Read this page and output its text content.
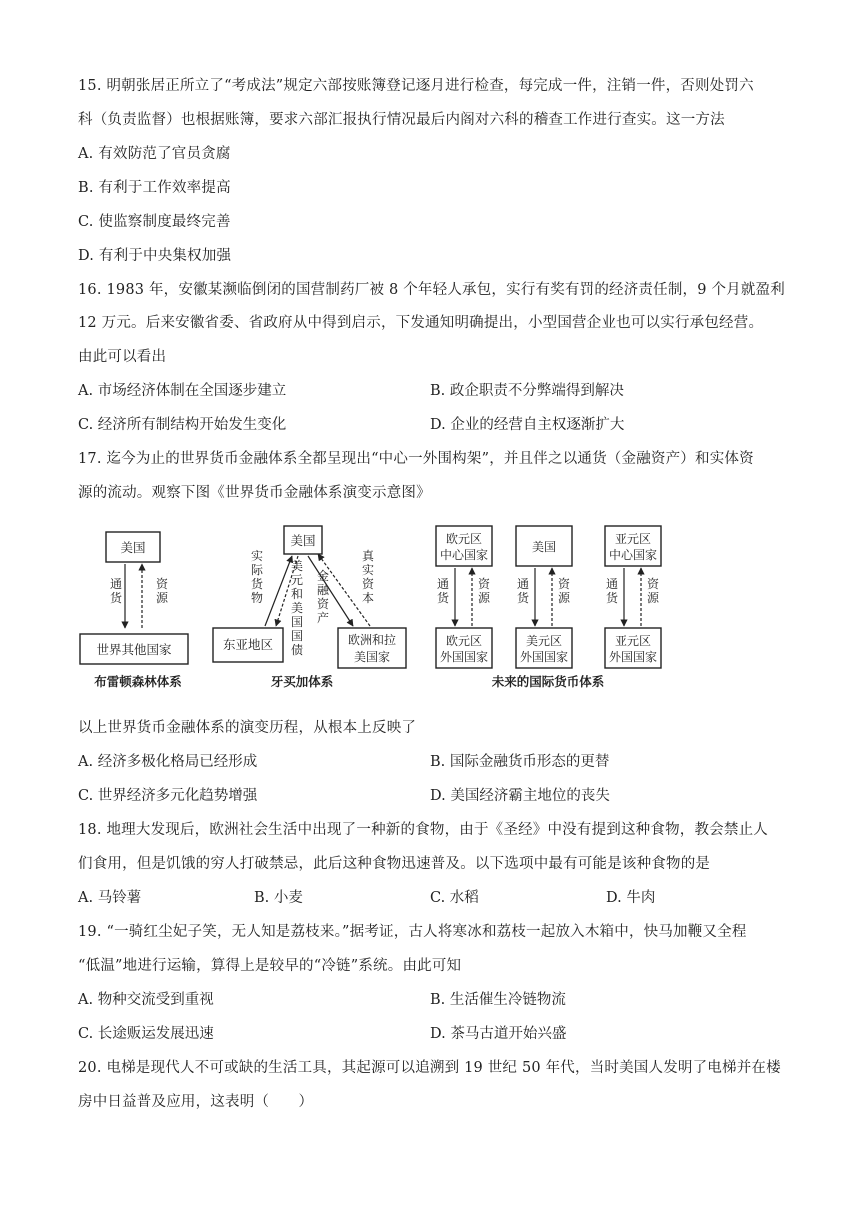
15. 明朝张居正所立了“考成法”规定六部按账簿登记逐月进行检查，每完成一件，注销一件，否则处罚六
科（负责监督）也根据账簿，要求六部汇报执行情况最后内阁对六科的稽查工作进行查实。这一方法
A. 有效防范了官员贪腐
B. 有利于工作效率提高
C. 使监察制度最终完善
D. 有利于中央集权加强
16. 1983 年，安徽某濒临倒闭的国营制药厂被 8 个年轻人承包，实行有奖有罚的经济责任制，9 个月就盈利
12 万元。后来安徽省委、省政府从中得到启示，下发通知明确提出，小型国营企业也可以实行承包经营。
由此可以看出
A. 市场经济体制在全国逐步建立	B. 政企职责不分弊端得到解决
C. 经济所有制结构开始发生变化	D. 企业的经营自主权逐渐扩大
17. 迄今为止的世界货币金融体系全都呈现出“中心一外围构架”，并且伴之以通货（金融资产）和实体资
源的流动。观察下图《世界货币金融体系演变示意图》
美国
通货
资源
世界其他国家
布雷顿森林体系
美国
东亚地区	欧洲和拉
美国家
实际货物
美元和美国国债
金融资产
真实资本
牙买加体系	未来的国际货币体系
欧元区
中心国家
通货
资源
欧元区
外国国家
美国
通货
资源
美元区
外国国家
亚元区
中心国家
通货
资源
亚元区
外国国家
以上世界货币金融体系的演变历程，从根本上反映了
A. 经济多极化格局已经形成	B. 国际金融货币形态的更替
C. 世界经济多元化趋势增强	D. 美国经济霸主地位的丧失
18. 地理大发现后，欧洲社会生活中出现了一种新的食物，由于《圣经》中没有提到这种食物，教会禁止人
们食用，但是饥饿的穷人打破禁忌，此后这种食物迅速普及。以下选项中最有可能是该种食物的是
A. 马铃薯	B. 小麦	C. 水稻	D. 牛肉
19. “一骑红尘妃子笑，无人知是荔枝来。”据考证，古人将寒冰和荔枝一起放入木箱中，快马加鞭又全程
“低温”地进行运输，算得上是较早的“冷链”系统。由此可知
A. 物种交流受到重视	B. 生活催生冷链物流
C. 长途贩运发展迅速	D. 茶马古道开始兴盛
20. 电梯是现代人不可或缺的生活工具，其起源可以追溯到 19 世纪 50 年代，当时美国人发明了电梯并在楼
房中日益普及应用，这表明（　　）
